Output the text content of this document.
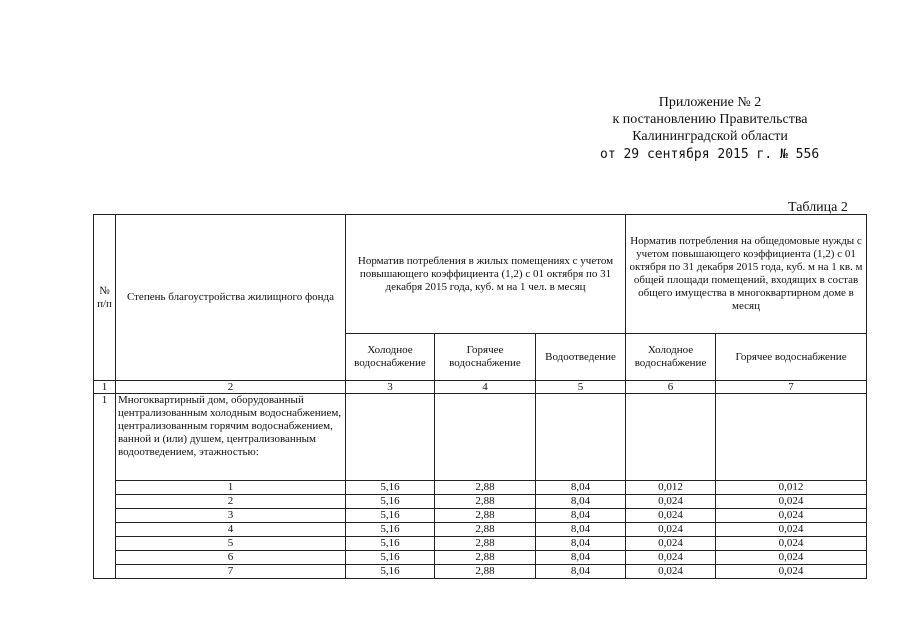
Приложение № 2
к постановлению Правительства
Калининградской области
от 29 сентября 2015 г. № 556
Таблица 2
№ п/п	Степень благоустройства жилищного фонда	Норматив потребления в жилых помещениях с учетом повышающего коэффициента (1,2) с 01 октября по 31 декабря 2015 года, куб. м на 1 чел. в месяц			Норматив потребления на общедомовые нужды с учетом повышающего коэффициента (1,2) с 01 октября по 31 декабря 2015 года, куб. м на 1 кв. м общей площади помещений, входящих в состав общего имущества в многоквартирном доме в месяц	
		Холодное водоснабжение	Горячее водоснабжение	Водоотведение	Холодное водоснабжение	Горячее водоснабжение
1	2	3	4	5	6	7
1	Многоквартирный дом, оборудованный централизованным холодным водоснабжением, централизованным горячим водоснабжением, ванной и (или) душем, централизованным водоотведением, этажностью:					
	1	5,16	2,88	8,04	0,012	0,012
	2	5,16	2,88	8,04	0,024	0,024
	3	5,16	2,88	8,04	0,024	0,024
	4	5,16	2,88	8,04	0,024	0,024
	5	5,16	2,88	8,04	0,024	0,024
	6	5,16	2,88	8,04	0,024	0,024
	7	5,16	2,88	8,04	0,024	0,024
